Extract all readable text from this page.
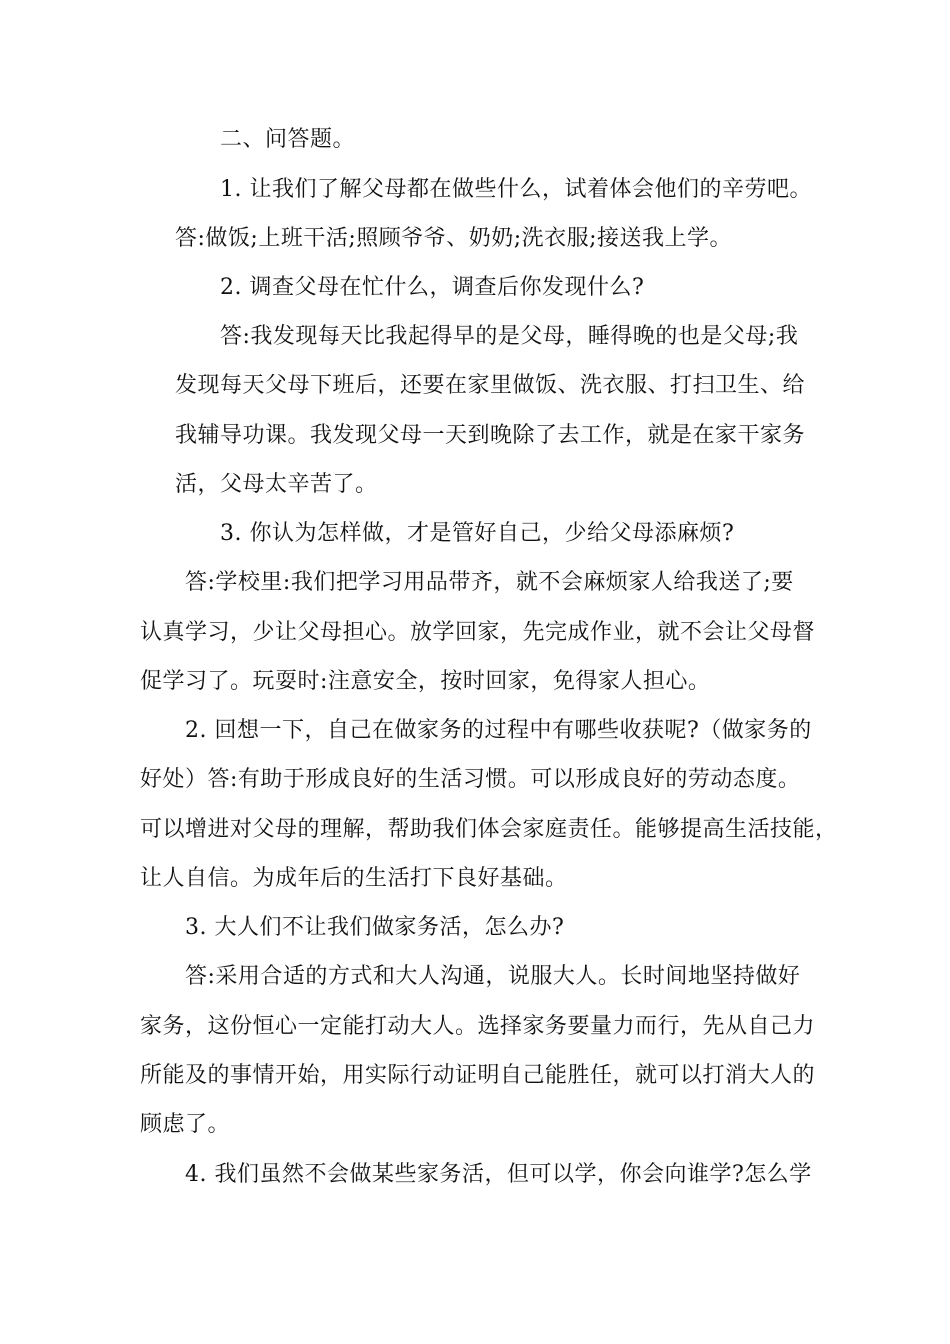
二、问答题。
1. 让我们了解父母都在做些什么，试着体会他们的辛劳吧。
答:做饭;上班干活;照顾爷爷、奶奶;洗衣服;接送我上学。
2. 调查父母在忙什么，调查后你发现什么?
答:我发现每天比我起得早的是父母，睡得晚的也是父母;我
发现每天父母下班后，还要在家里做饭、洗衣服、打扫卫生、给
我辅导功课。我发现父母一天到晚除了去工作，就是在家干家务
活，父母太辛苦了。
3. 你认为怎样做，才是管好自己，少给父母添麻烦?
答:学校里:我们把学习用品带齐，就不会麻烦家人给我送了;要
认真学习，少让父母担心。放学回家，先完成作业，就不会让父母督
促学习了。玩耍时:注意安全，按时回家，免得家人担心。
2. 回想一下，自己在做家务的过程中有哪些收获呢?（做家务的
好处）答:有助于形成良好的生活习惯。可以形成良好的劳动态度。
可以增进对父母的理解，帮助我们体会家庭责任。能够提高生活技能，
让人自信。为成年后的生活打下良好基础。
3. 大人们不让我们做家务活，怎么办?
答:采用合适的方式和大人沟通，说服大人。长时间地坚持做好
家务，这份恒心一定能打动大人。选择家务要量力而行，先从自己力
所能及的事情开始，用实际行动证明自己能胜任，就可以打消大人的
顾虑了。
4. 我们虽然不会做某些家务活，但可以学，你会向谁学?怎么学
